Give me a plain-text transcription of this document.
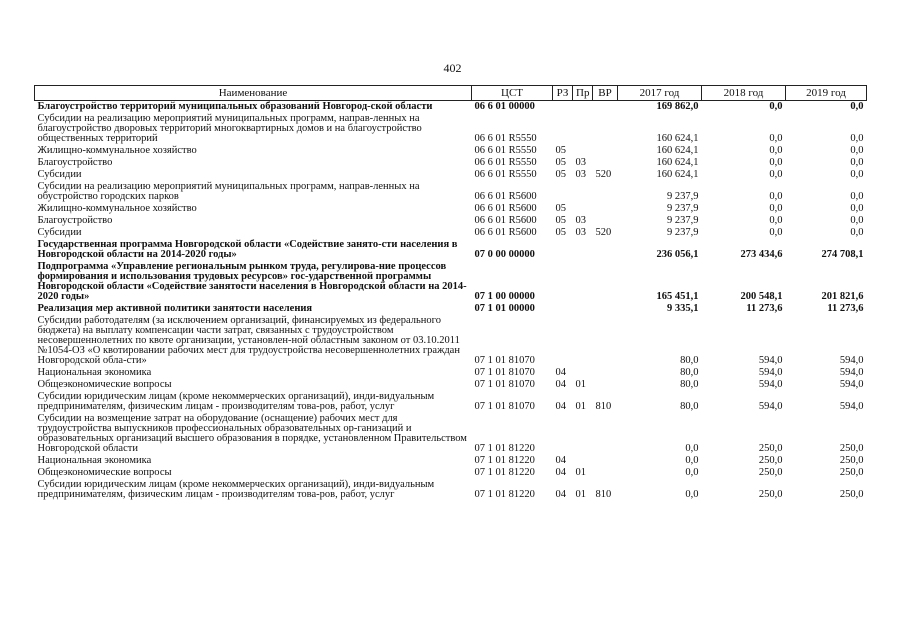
402
Наименование	ЦСТ	РЗ	Пр	ВР	2017 год	2018 год	2019 год
Благоустройство территорий муниципальных образований Новгород-ской области	06 6 01 00000				169 862,0	0,0	0,0
Субсидии на реализацию мероприятий муниципальных программ, направ-ленных на благоустройство дворовых территорий многоквартирных домов и на благоустройство общественных территорий	06 6 01 R5550				160 624,1	0,0	0,0
Жилищно-коммунальное хозяйство	06 6 01 R5550	05			160 624,1	0,0	0,0
Благоустройство	06 6 01 R5550	05	03		160 624,1	0,0	0,0
Субсидии	06 6 01 R5550	05	03	520	160 624,1	0,0	0,0
Субсидии на реализацию мероприятий муниципальных программ, направ-ленных на обустройство городских парков	06 6 01 R5600				9 237,9	0,0	0,0
Жилищно-коммунальное хозяйство	06 6 01 R5600	05			9 237,9	0,0	0,0
Благоустройство	06 6 01 R5600	05	03		9 237,9	0,0	0,0
Субсидии	06 6 01 R5600	05	03	520	9 237,9	0,0	0,0
Государственная программа Новгородской области «Содействие занято-сти населения в Новгородской области на 2014-2020 годы»	07 0 00 00000				236 056,1	273 434,6	274 708,1
Подпрограмма «Управление региональным рынком труда, регулирова-ние процессов формирования и использования трудовых ресурсов» гос-ударственной программы Новгородской области «Содействие занятости населения в Новгородской области на 2014-2020 годы»	07 1 00 00000				165 451,1	200 548,1	201 821,6
Реализация мер активной политики занятости населения	07 1 01 00000				9 335,1	11 273,6	11 273,6
Субсидии работодателям (за исключением организаций, финансируемых из федерального бюджета) на выплату компенсации части затрат, связанных с трудоустройством несовершеннолетних по квоте организации, установлен-ной областным законом от 03.10.2011 №1054-ОЗ «О квотировании рабочих мест для трудоустройства несовершеннолетних граждан Новгородской обла-сти»	07 1 01 81070				80,0	594,0	594,0
Национальная экономика	07 1 01 81070	04			80,0	594,0	594,0
Общеэкономические вопросы	07 1 01 81070	04	01		80,0	594,0	594,0
Субсидии юридическим лицам (кроме некоммерческих организаций), инди-видуальным предпринимателям, физическим лицам - производителям това-ров, работ, услуг	07 1 01 81070	04	01	810	80,0	594,0	594,0
Субсидии на возмещение затрат на оборудование (оснащение) рабочих мест для трудоустройства выпускников профессиональных образовательных ор-ганизаций и образовательных организаций высшего образования в порядке, установленном Правительством Новгородской области	07 1 01 81220				0,0	250,0	250,0
Национальная экономика	07 1 01 81220	04			0,0	250,0	250,0
Общеэкономические вопросы	07 1 01 81220	04	01		0,0	250,0	250,0
Субсидии юридическим лицам (кроме некоммерческих организаций), инди-видуальным предпринимателям, физическим лицам - производителям това-ров, работ, услуг	07 1 01 81220	04	01	810	0,0	250,0	250,0
